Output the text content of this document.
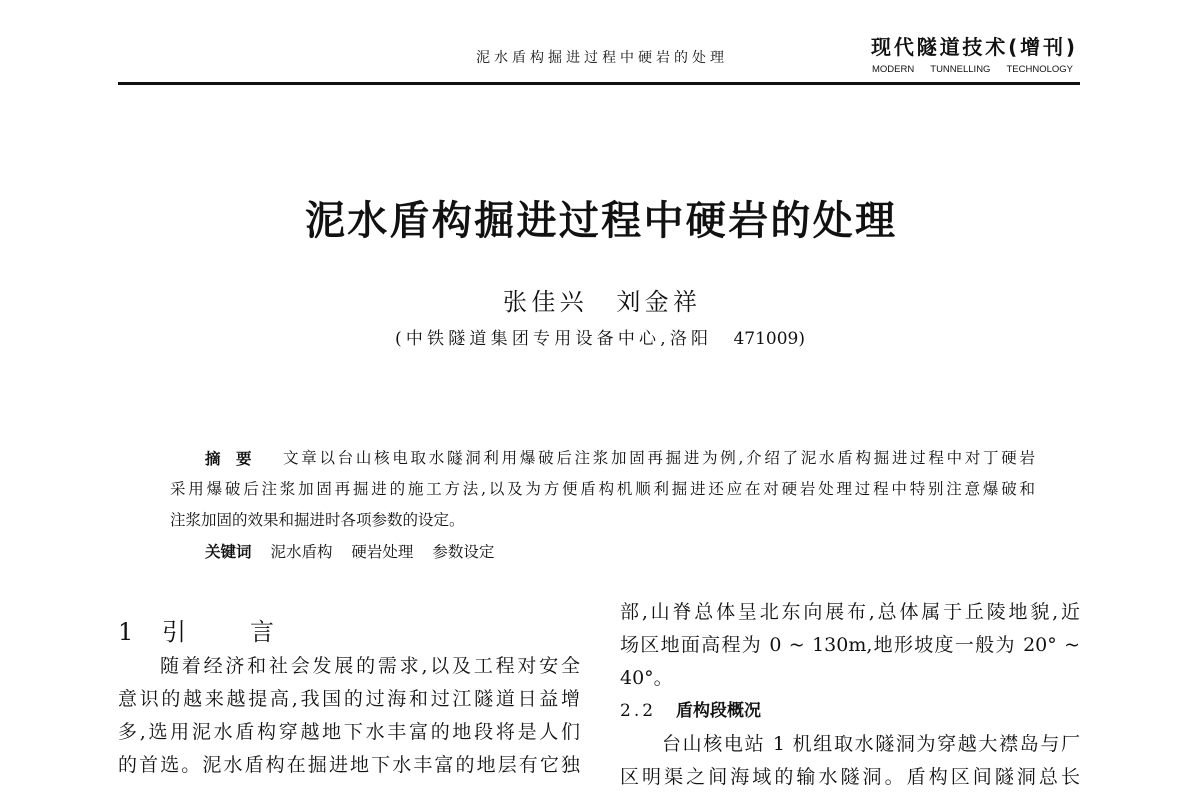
泥水盾构掘进过程中硬岩的处理	现代隧道技术(增刊)
MODERN TUNNELLING TECHNOLOGY
泥水盾构掘进过程中硬岩的处理
张佳兴　刘金祥
(中铁隧道集团专用设备中心,洛阳　471009)
摘　要	文章以台山核电取水隧洞利用爆破后注浆加固再掘进为例,介绍了泥水盾构掘进过程中对丁硬岩
采用爆破后注浆加固再掘进的施工方法,以及为方便盾构机顺利掘进还应在对硬岩处理过程中特别注意爆破和
注浆加固的效果和掘进时各项参数的设定。
关键词 泥水盾构 硬岩处理 参数设定
1 引　言
随着经济和社会发展的需求,以及工程对安全
意识的越来越提高,我国的过海和过江隧道日益增
多,选用泥水盾构穿越地下水丰富的地段将是人们
的首选。泥水盾构在掘进地下水丰富的地层有它独
部,山脊总体呈北东向展布,总体属于丘陵地貌,近
场区地面高程为 0 ~ 130m,地形坡度一般为 20° ~
40°。
2.2 盾构段概况
台山核电站 1 机组取水隧洞为穿越大襟岛与厂
区明渠之间海域的输水隧洞。盾构区间隧洞总长
